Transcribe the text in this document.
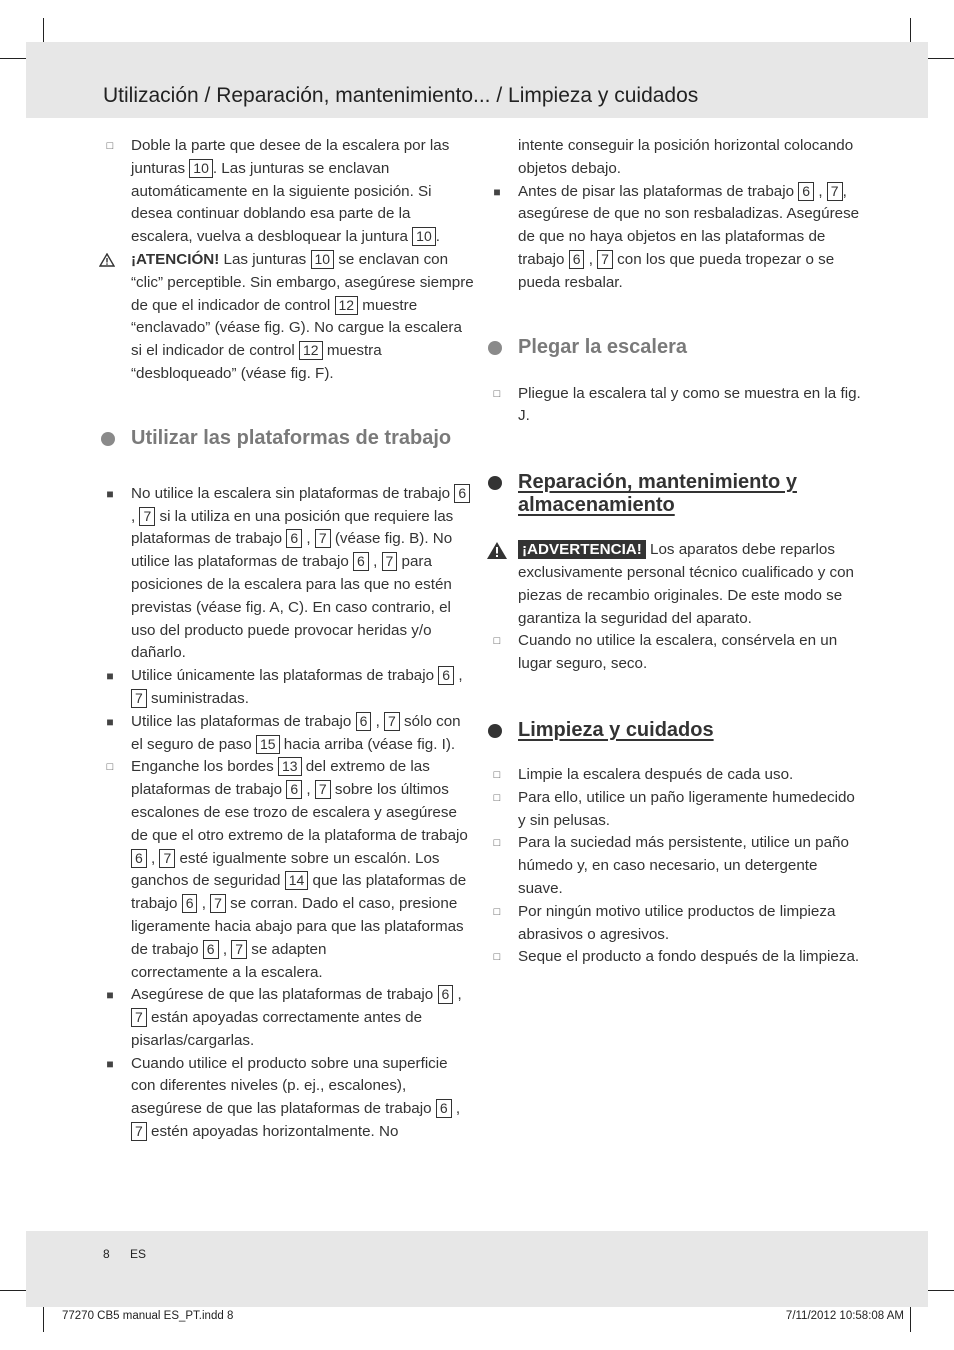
Utilización / Reparación, mantenimiento... / Limpieza y cuidados
□ Doble la parte que desee de la escalera por las junturas 10 . Las junturas se enclavan automáticamente en la siguiente posición. Si desea continuar doblando esa parte de la escalera, vuelva a desbloquear la juntura 10 .
¡ATENCIÓN! Las junturas 10 se enclavan con “clic” perceptible. Sin embargo, asegúrese siempre de que el indicador de control 12 muestre “enclavado” (véase fig. G). No cargue la escalera si el indicador de control 12 muestra “desbloqueado” (véase fig. F).
Utilizar las plataformas de trabajo
■ No utilice la escalera sin plataformas de trabajo 6 , 7 si la utiliza en una posición que requiere las plataformas de trabajo 6 , 7 (véase fig. B). No utilice las plataformas de trabajo 6 , 7 para posiciones de la escalera para las que no estén previstas (véase fig. A, C). En caso contrario, el uso del producto puede provocar heridas y/o dañarlo.
■ Utilice únicamente las plataformas de trabajo 6 , 7 suministradas.
■ Utilice las plataformas de trabajo 6 , 7 sólo con el seguro de paso 15 hacia arriba (véase fig. I).
□ Enganche los bordes 13 del extremo de las plataformas de trabajo 6 , 7 sobre los últimos escalones de ese trozo de escalera y asegúrese de que el otro extremo de la plataforma de trabajo 6 , 7 esté igualmente sobre un escalón. Los ganchos de seguridad 14 que las plataformas de trabajo 6 , 7 se corran. Dado el caso, presione ligeramente hacia abajo para que las plataformas de trabajo 6 , 7 se adapten
correctamente a la escalera.
■ Asegúrese de que las plataformas de trabajo 6 , 7 están apoyadas correctamente antes de pisarlas/cargarlas.
■ Cuando utilice el producto sobre una superficie con diferentes niveles (p. ej., escalones), asegúrese de que las plataformas de trabajo 6 , 7 estén apoyadas horizontalmente. No
intente conseguir la posición horizontal colocando objetos debajo.
■ Antes de pisar las plataformas de trabajo 6 , 7 , asegúrese de que no son resbaladizas. Asegúrese de que no haya objetos en las plataformas de trabajo 6 , 7 con los que pueda tropezar o se pueda resbalar.
Plegar la escalera
□ Pliegue la escalera tal y como se muestra en la fig. J.
Reparación, mantenimiento y almacenamiento
¡ADVERTENCIA! Los aparatos debe reparlos exclusivamente personal técnico cualificado y con piezas de recambio originales. De este modo se garantiza la seguridad del aparato.
□ Cuando no utilice la escalera, consérvela en un lugar seguro, seco.
Limpieza y cuidados
□ Limpie la escalera después de cada uso.
□ Para ello, utilice un paño ligeramente humedecido y sin pelusas.
□ Para la suciedad más persistente, utilice un paño húmedo y, en caso necesario, un detergente suave.
□ Por ningún motivo utilice productos de limpieza abrasivos o agresivos.
□ Seque el producto a fondo después de la limpieza.
8 ES
77270 CB5 manual ES_PT.indd 8	7/11/2012 10:58:08 AM
